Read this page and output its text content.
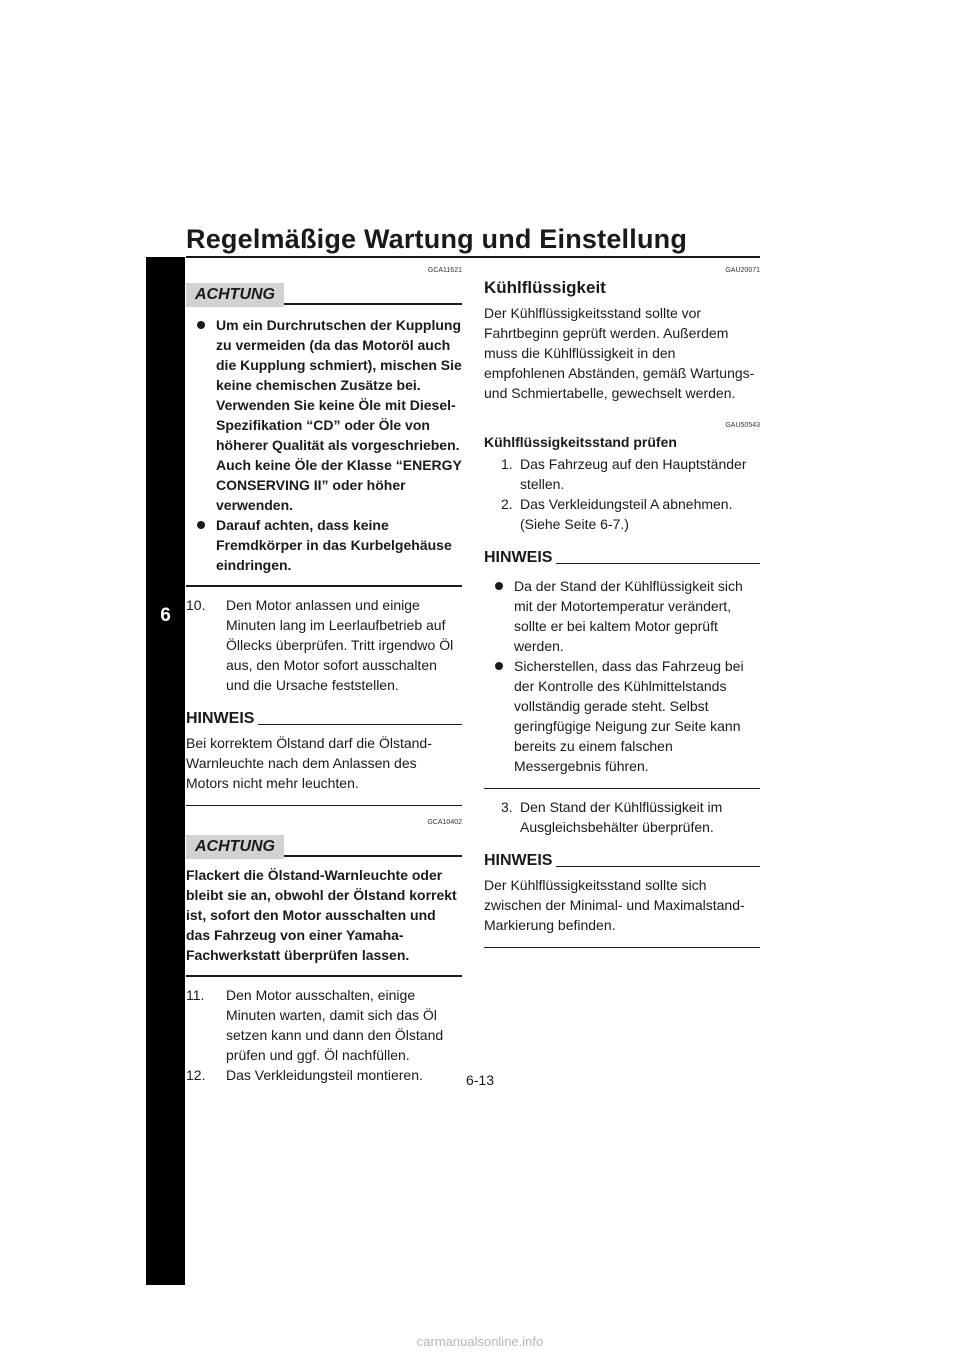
Regelmäßige Wartung und Einstellung
6
GCA11621
ACHTUNG
Um ein Durchrutschen der Kupplung zu vermeiden (da das Motoröl auch die Kupplung schmiert), mischen Sie keine chemischen Zusätze bei. Verwenden Sie keine Öle mit Diesel-Spezifikation “CD” oder Öle von höherer Qualität als vorgeschrieben. Auch keine Öle der Klasse “ENERGY CONSERVING II” oder höher verwenden.
Darauf achten, dass keine Fremdkörper in das Kurbelgehäuse eindringen.
10. Den Motor anlassen und einige Minuten lang im Leerlaufbetrieb auf Öllecks überprüfen. Tritt irgendwo Öl aus, den Motor sofort ausschalten und die Ursache feststellen.
HINWEIS

Bei korrektem Ölstand darf die Ölstand-Warnleuchte nach dem Anlassen des Motors nicht mehr leuchten.

GCA10402
ACHTUNG

Flackert die Ölstand-Warnleuchte oder bleibt sie an, obwohl der Ölstand korrekt ist, sofort den Motor ausschalten und das Fahrzeug von einer Yamaha-Fachwerkstatt überprüfen lassen.

11. Den Motor ausschalten, einige Minuten warten, damit sich das Öl setzen kann und dann den Ölstand prüfen und ggf. Öl nachfüllen.
12. Das Verkleidungsteil montieren.
GAU20071
Kühlflüssigkeit

Der Kühlflüssigkeitsstand sollte vor Fahrtbeginn geprüft werden. Außerdem muss die Kühlflüssigkeit in den empfohlenen Abständen, gemäß Wartungs- und Schmiertabelle, gewechselt werden.

GAU50543
Kühlflüssigkeitsstand prüfen
1. Das Fahrzeug auf den Hauptständer stellen.
2. Das Verkleidungsteil A abnehmen. (Siehe Seite 6-7.)
HINWEIS
Da der Stand der Kühlflüssigkeit sich mit der Motortemperatur verändert, sollte er bei kaltem Motor geprüft werden.
Sicherstellen, dass das Fahrzeug bei der Kontrolle des Kühlmittelstands vollständig gerade steht. Selbst geringfügige Neigung zur Seite kann bereits zu einem falschen Messergebnis führen.
3. Den Stand der Kühlflüssigkeit im Ausgleichsbehälter überprüfen.
HINWEIS

Der Kühlflüssigkeitsstand sollte sich zwischen der Minimal- und Maximalstand-Markierung befinden.

6-13
carmanualsonline.info
